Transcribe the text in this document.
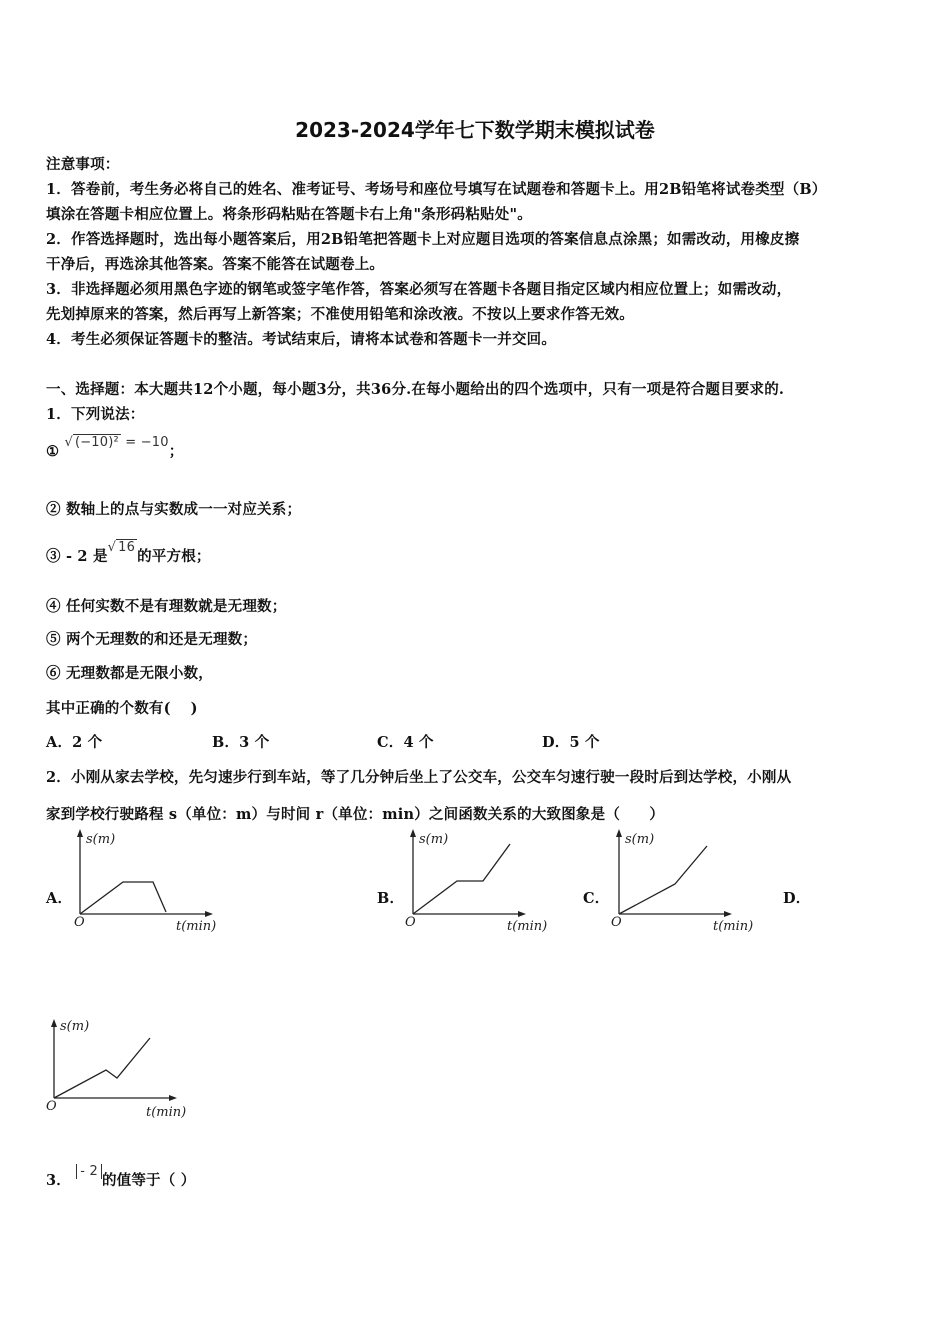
2023-2024学年七下数学期末模拟试卷
注意事项：
1．答卷前，考生务必将自己的姓名、准考证号、考场号和座位号填写在试题卷和答题卡上。用2B铅笔将试卷类型（B）
填涂在答题卡相应位置上。将条形码粘贴在答题卡右上角"条形码粘贴处"。
2．作答选择题时，选出每小题答案后，用2B铅笔把答题卡上对应题目选项的答案信息点涂黑；如需改动，用橡皮擦
干净后，再选涂其他答案。答案不能答在试题卷上。
3．非选择题必须用黑色字迹的钢笔或签字笔作答，答案必须写在答题卡各题目指定区域内相应位置上；如需改动，
先划掉原来的答案，然后再写上新答案；不准使用铅笔和涂改液。不按以上要求作答无效。
4．考生必须保证答题卡的整洁。考试结束后，请将本试卷和答题卡一并交回。
一、选择题：本大题共12个小题，每小题3分，共36分.在每小题给出的四个选项中，只有一项是符合题目要求的.
1．下列说法：
① √ (−10)² = −10；
② 数轴上的点与实数成一一对应关系；
③ - 2 是√ 16的平方根；
④ 任何实数不是有理数就是无理数；
⑤ 两个无理数的和还是无理数；
⑥ 无理数都是无限小数，
其中正确的个数有(　 )
A．2 个	B．3 个	C．4 个	D．5 个
2．小刚从家去学校，先匀速步行到车站，等了几分钟后坐上了公交车，公交车匀速行驶一段时后到达学校，小刚从
家到学校行驶路程 s（单位：m）与时间 r（单位：min）之间函数关系的大致图象是（　　）
A．	B．	C．	D．
s(m)
O	t(min)
s(m)
O	t(min)
s(m)
O	t(min)
s(m)
O	t(min)
3． - 2的值等于（ ）
